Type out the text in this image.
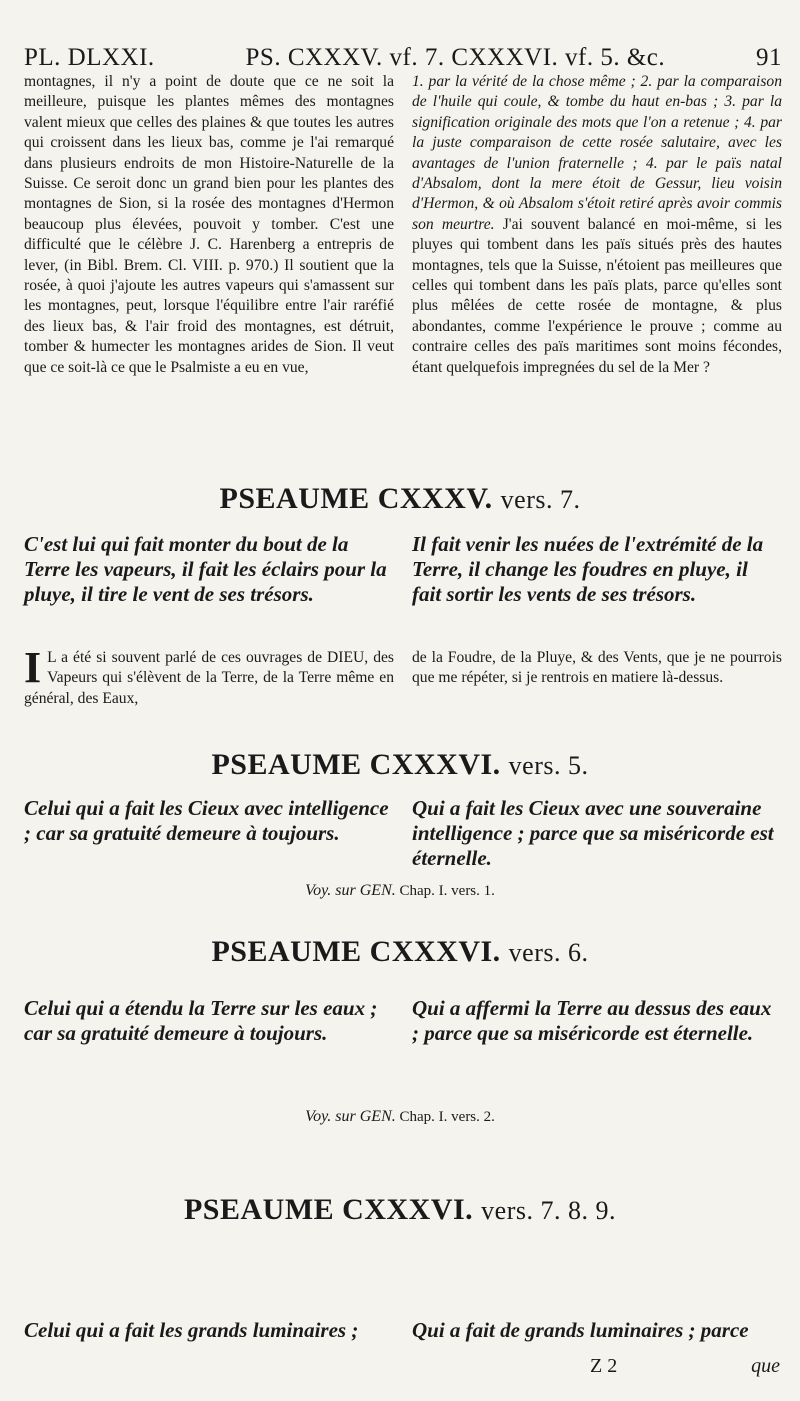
PL. DLXXI.	PS. CXXXV. vf. 7. CXXXVI. vf. 5. &c.	91
montagnes, il n'y a point de doute que ce ne soit la meilleure, puisque les plantes mêmes des montagnes valent mieux que celles des plaines & que toutes les autres qui croissent dans les lieux bas, comme je l'ai remarqué dans plusieurs endroits de mon Histoire-Naturelle de la Suisse. Ce seroit donc un grand bien pour les plantes des montagnes de Sion, si la rosée des montagnes d'Hermon beaucoup plus élevées, pouvoit y tomber. C'est une difficulté que le célèbre J. C. Harenberg a entrepris de lever, (in Bibl. Brem. Cl. VIII. p. 970.) Il soutient que la rosée, à quoi j'ajoute les autres vapeurs qui s'amassent sur les montagnes, peut, lorsque l'équilibre entre l'air raréfié des lieux bas, & l'air froid des montagnes, est détruit, tomber & humecter les montagnes arides de Sion. Il veut que ce soit-là ce que le Psalmiste a eu en vue,
1. par la vérité de la chose même ; 2. par la comparaison de l'huile qui coule, & tombe du haut en-bas ; 3. par la signification originale des mots que l'on a retenue ; 4. par la juste comparaison de cette rosée salutaire, avec les avantages de l'union fraternelle ; 4. par le païs natal d'Absalom, dont la mere étoit de Gessur, lieu voisin d'Hermon, & où Absalom s'étoit retiré après avoir commis son meurtre. J'ai souvent balancé en moi-même, si les pluyes qui tombent dans les païs situés près des hautes montagnes, tels que la Suisse, n'étoient pas meilleures que celles qui tombent dans les païs plats, parce qu'elles sont plus mêlées de cette rosée de montagne, & plus abondantes, comme l'expérience le prouve ; comme au contraire celles des païs maritimes sont moins fécondes, étant quelquefois impregnées du sel de la Mer ?
PSEAUME CXXXV. vers. 7.
C'est lui qui fait monter du bout de la Terre les vapeurs, il fait les éclairs pour la pluye, il tire le vent de ses trésors.
Il fait venir les nuées de l'extrémité de la Terre, il change les foudres en pluye, il fait sortir les vents de ses trésors.
I L a été si souvent parlé de ces ouvrages de DIEU, des Vapeurs qui s'élèvent de la Terre, de la Terre même en général, des Eaux,
de la Foudre, de la Pluye, & des Vents, que je ne pourrois que me répéter, si je rentrois en matiere là-dessus.
PSEAUME CXXXVI. vers. 5.
Celui qui a fait les Cieux avec intelligence ; car sa gratuité demeure à toujours.
Qui a fait les Cieux avec une souveraine intelligence ; parce que sa miséricorde est éternelle.
Voy. sur GEN. Chap. I. vers. 1.
PSEAUME CXXXVI. vers. 6.
Celui qui a étendu la Terre sur les eaux ; car sa gratuité demeure à toujours.
Qui a affermi la Terre au dessus des eaux ; parce que sa miséricorde est éternelle.
Voy. sur GEN. Chap. I. vers. 2.
PSEAUME CXXXVI. vers. 7. 8. 9.
Celui qui a fait les grands luminaires ;	Qui a fait de grands luminaires ; parce
Z 2	que
